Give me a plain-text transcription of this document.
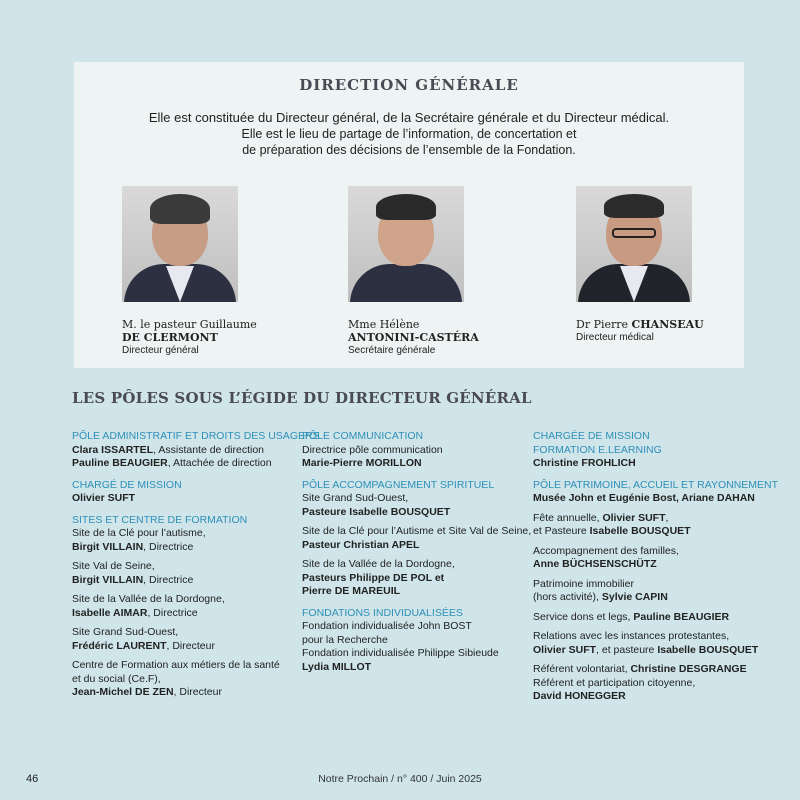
DIRECTION GÉNÉRALE
Elle est constituée du Directeur général, de la Secrétaire générale et du Directeur médical.
Elle est le lieu de partage de l’information, de concertation et
de préparation des décisions de l’ensemble de la Fondation.
M. le pasteur Guillaume
DE CLERMONT
Directeur général
Mme Hélène
ANTONINI-CASTÉRA
Secrétaire générale
Dr Pierre CHANSEAU
Directeur médical
LES PÔLES SOUS L’ÉGIDE DU DIRECTEUR GÉNÉRAL

PÔLE ADMINISTRATIF ET DROITS DES USAGERS

Clara ISSARTEL, Assistante de direction

Pauline BEAUGIER, Attachée de direction

CHARGÉ DE MISSION

Olivier SUFT

SITES ET CENTRE DE FORMATION

Site de la Clé pour l’autisme,

Birgit VILLAIN, Directrice

Site Val de Seine,

Birgit VILLAIN, Directrice

Site de la Vallée de la Dordogne,

Isabelle AIMAR, Directrice

Site Grand Sud-Ouest,

Frédéric LAURENT, Directeur

Centre de Formation aux métiers de la santé

et du social (Ce.F),

Jean-Michel DE ZEN, Directeur

PÔLE COMMUNICATION

Directrice pôle communication

Marie-Pierre MORILLON

PÔLE ACCOMPAGNEMENT SPIRITUEL

Site Grand Sud-Ouest,

Pasteure Isabelle BOUSQUET

Site de la Clé pour l’Autisme et Site Val de Seine,

Pasteur Christian APEL

Site de la Vallée de la Dordogne,

Pasteurs Philippe DE POL et

Pierre DE MAREUIL

FONDATIONS INDIVIDUALISÉES

Fondation individualisée John BOST

pour la Recherche

Fondation individualisée Philippe Sibieude

Lydia MILLOT

CHARGÉE DE MISSION

FORMATION E.LEARNING

Christine FROHLICH

PÔLE PATRIMOINE, ACCUEIL ET RAYONNEMENT

Musée John et Eugénie Bost, Ariane DAHAN

Fête annuelle, Olivier SUFT,

et Pasteure Isabelle BOUSQUET

Accompagnement des familles,

Anne BÜCHSENSCHÜTZ

Patrimoine immobilier

(hors activité), Sylvie CAPIN

Service dons et legs, Pauline BEAUGIER

Relations avec les instances protestantes,

Olivier SUFT, et pasteure Isabelle BOUSQUET

Référent volontariat, Christine DESGRANGE

Référent et participation citoyenne,

David HONEGGER

46	Notre Prochain / n° 400 / Juin 2025
